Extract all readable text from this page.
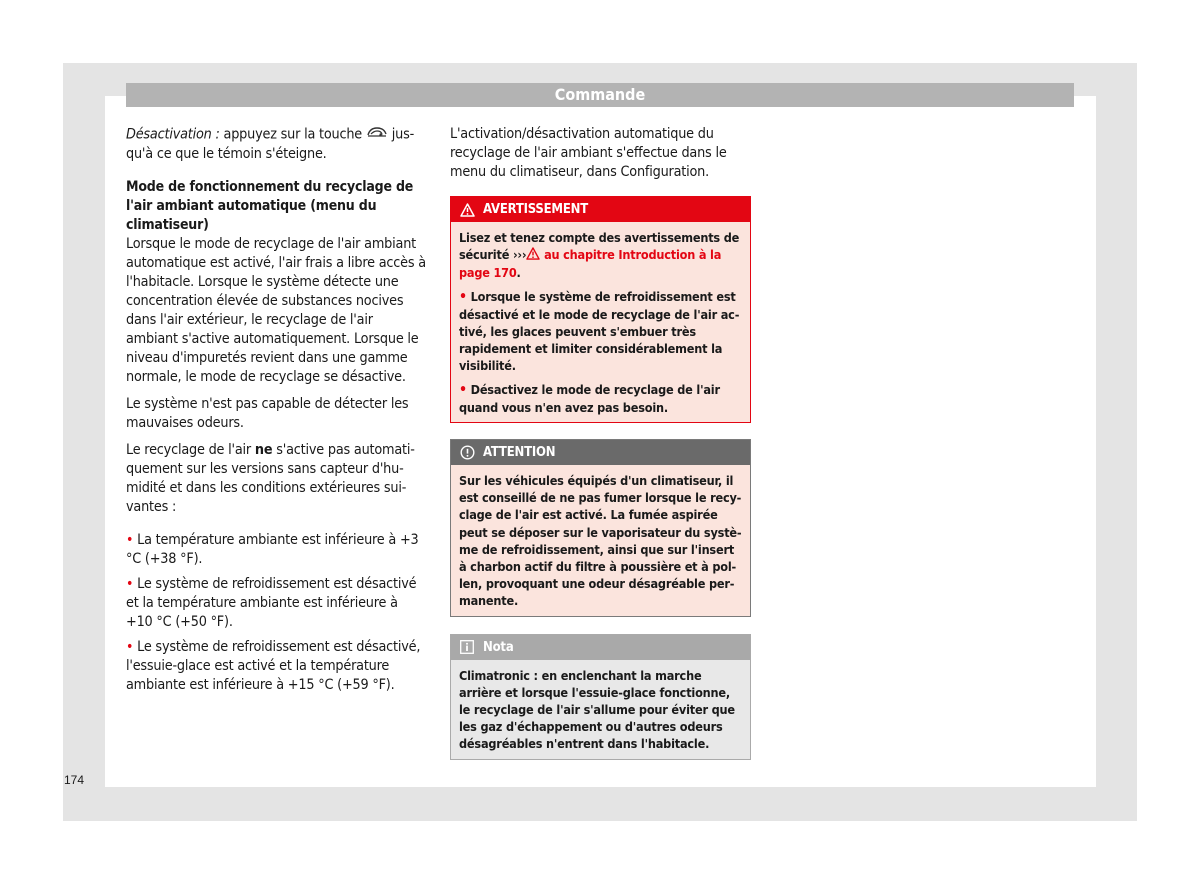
Commande

Désactivation : appuyez sur la touche  jusqu'à ce que le témoin s'éteigne.

Mode de fonctionnement du recyclage de l'air ambiant automatique (menu du climatiseur)

Lorsque le mode de recyclage de l'air ambiant automatique est activé, l'air frais a libre accès à l'habitacle. Lorsque le système détecte une concentration élevée de substances nocives dans l'air extérieur, le recyclage de l'air ambiant s'active automatiquement. Lorsque le niveau d'impuretés revient dans une gamme normale, le mode de recyclage se désactive.

Le système n'est pas capable de détecter les mauvaises odeurs.

Le recyclage de l'air ne s'active pas automatiquement sur les versions sans capteur d'humidité et dans les conditions extérieures suivantes :

• La température ambiante est inférieure à +3 °C (+38 °F).

• Le système de refroidissement est désactivé et la température ambiante est inférieure à +10 °C (+50 °F).

• Le système de refroidissement est désactivé, l'essuie-glace est activé et la température ambiante est inférieure à +15 °C (+59 °F).

L'activation/désactivation automatique du recyclage de l'air ambiant s'effectue dans le menu du climatiseur, dans Configuration.

AVERTISSEMENT

Lisez et tenez compte des avertissements de sécurité ››› au chapitre Introduction à la page 170.

• Lorsque le système de refroidissement est désactivé et le mode de recyclage de l'air activé, les glaces peuvent s'embuer très rapidement et limiter considérablement la visibilité.

• Désactivez le mode de recyclage de l'air quand vous n'en avez pas besoin.

ATTENTION

Sur les véhicules équipés d'un climatiseur, il est conseillé de ne pas fumer lorsque le recyclage de l'air est activé. La fumée aspirée peut se déposer sur le vaporisateur du système de refroidissement, ainsi que sur l'insert à charbon actif du filtre à poussière et à pollen, provoquant une odeur désagréable permanente.

Nota

Climatronic : en enclenchant la marche arrière et lorsque l'essuie-glace fonctionne, le recyclage de l'air s'allume pour éviter que les gaz d'échappement ou d'autres odeurs désagréables n'entrent dans l'habitacle.

174
